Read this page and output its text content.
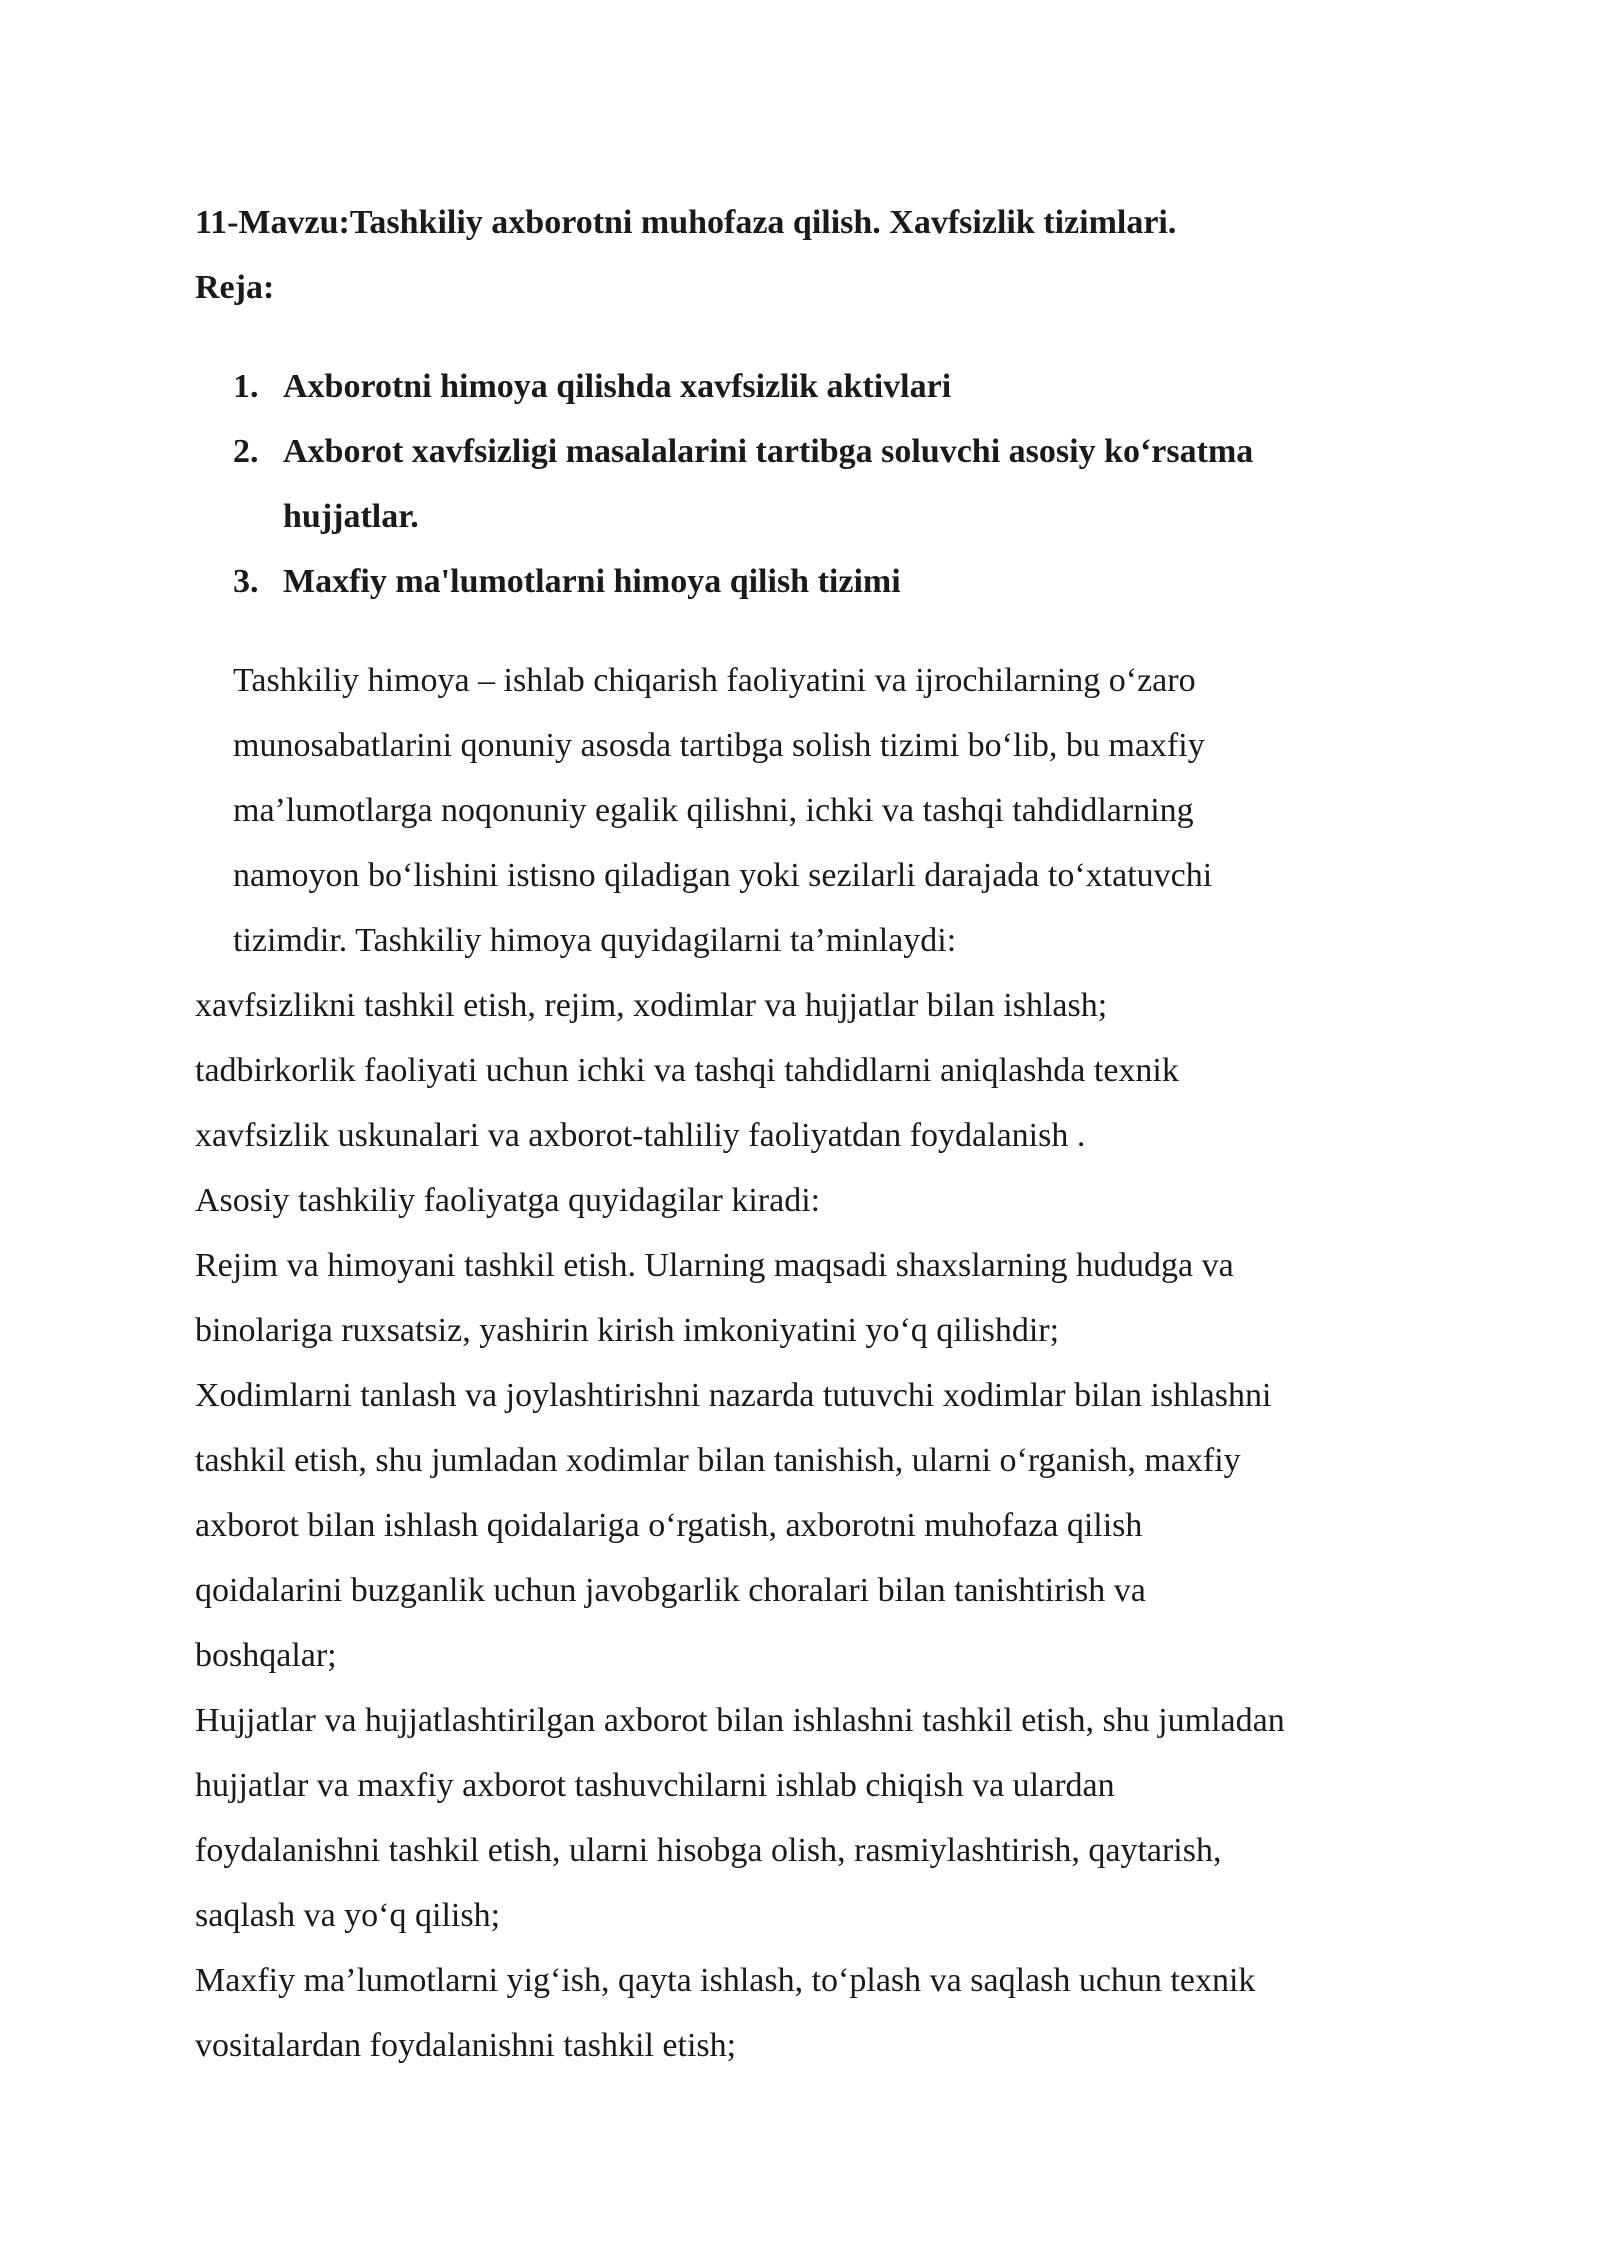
11-Mavzu:Tashkiliy axborotni muhofaza qilish. Xavfsizlik tizimlari.
Reja:
1. Axborotni himoya qilishda xavfsizlik aktivlari
2. Axborot xavfsizligi masalalarini tartibga soluvchi asosiy ko‘rsatma
hujjatlar.
3. Maxfiy ma'lumotlarni himoya qilish tizimi
Tashkiliy himoya – ishlab chiqarish faoliyatini va ijrochilarning o‘zaro
munosabatlarini qonuniy asosda tartibga solish tizimi bo‘lib, bu maxfiy
ma’lumotlarga noqonuniy egalik qilishni, ichki va tashqi tahdidlarning
namoyon bo‘lishini istisno qiladigan yoki sezilarli darajada to‘xtatuvchi
tizimdir. Tashkiliy himoya quyidagilarni ta’minlaydi:
xavfsizlikni tashkil etish, rejim, xodimlar va hujjatlar bilan ishlash;
tadbirkorlik faoliyati uchun ichki va tashqi tahdidlarni aniqlashda texnik
xavfsizlik uskunalari va axborot-tahliliy faoliyatdan foydalanish .
Asosiy tashkiliy faoliyatga quyidagilar kiradi:
Rejim va himoyani tashkil etish. Ularning maqsadi shaxslarning hududga va
binolariga ruxsatsiz, yashirin kirish imkoniyatini yo‘q qilishdir;
Xodimlarni tanlash va joylashtirishni nazarda tutuvchi xodimlar bilan ishlashni
tashkil etish, shu jumladan xodimlar bilan tanishish, ularni o‘rganish, maxfiy
axborot bilan ishlash qoidalariga o‘rgatish, axborotni muhofaza qilish
qoidalarini buzganlik uchun javobgarlik choralari bilan tanishtirish va
boshqalar;
Hujjatlar va hujjatlashtirilgan axborot bilan ishlashni tashkil etish, shu jumladan
hujjatlar va maxfiy axborot tashuvchilarni ishlab chiqish va ulardan
foydalanishni tashkil etish, ularni hisobga olish, rasmiylashtirish, qaytarish,
saqlash va yo‘q qilish;
Maxfiy ma’lumotlarni yig‘ish, qayta ishlash, to‘plash va saqlash uchun texnik
vositalardan foydalanishni tashkil etish;
